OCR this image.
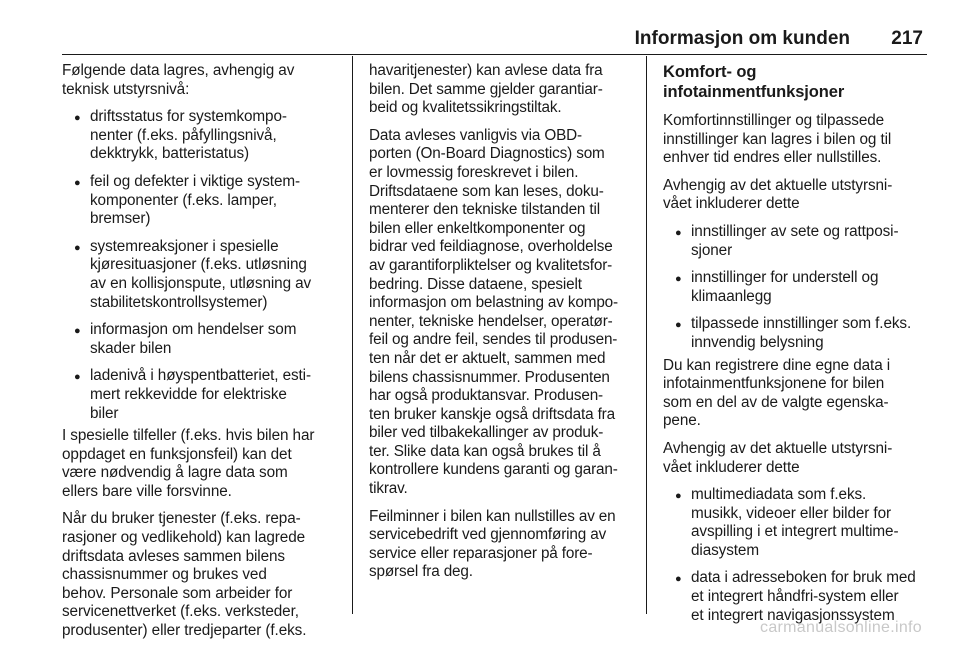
Informasjon om kunden 217

Følgende data lagres, avhengig av
teknisk utstyrsnivå:

● driftsstatus for systemkompo-
nenter (f.eks. påfyllingsnivå,
dekktrykk, batteristatus)
● feil og defekter i viktige system-
komponenter (f.eks. lamper,
bremser)
● systemreaksjoner i spesielle
kjøresituasjoner (f.eks. utløsning
av en kollisjonspute, utløsning av
stabilitetskontrollsystemer)
● informasjon om hendelser som
skader bilen
● ladenivå i høyspentbatteriet, esti-
mert rekkevidde for elektriske
biler

I spesielle tilfeller (f.eks. hvis bilen har
oppdaget en funksjonsfeil) kan det
være nødvendig å lagre data som
ellers bare ville forsvinne.

Når du bruker tjenester (f.eks. repa-
rasjoner og vedlikehold) kan lagrede
driftsdata avleses sammen bilens
chassisnummer og brukes ved
behov. Personale som arbeider for
servicenettverket (f.eks. verksteder,
produsenter) eller tredjeparter (f.eks.

havaritjenester) kan avlese data fra
bilen. Det samme gjelder garantiar-
beid og kvalitetssikringstiltak.

Data avleses vanligvis via OBD-
porten (On-Board Diagnostics) som
er lovmessig foreskrevet i bilen.
Driftsdataene som kan leses, doku-
menterer den tekniske tilstanden til
bilen eller enkeltkomponenter og
bidrar ved feildiagnose, overholdelse
av garantiforpliktelser og kvalitetsfor-
bedring. Disse dataene, spesielt
informasjon om belastning av kompo-
nenter, tekniske hendelser, operatør-
feil og andre feil, sendes til produsen-
ten når det er aktuelt, sammen med
bilens chassisnummer. Produsenten
har også produktansvar. Produsen-
ten bruker kanskje også driftsdata fra
biler ved tilbakekallinger av produk-
ter. Slike data kan også brukes til å
kontrollere kundens garanti og garan-
tikrav.

Feilminner i bilen kan nullstilles av en
servicebedrift ved gjennomføring av
service eller reparasjoner på fore-
spørsel fra deg.

Komfort- og
infotainmentfunksjoner

Komfortinnstillinger og tilpassede
innstillinger kan lagres i bilen og til
enhver tid endres eller nullstilles.

Avhengig av det aktuelle utstyrsni-
vået inkluderer dette

● innstillinger av sete og rattposi-
sjoner
● innstillinger for understell og
klimaanlegg
● tilpassede innstillinger som f.eks.
innvendig belysning

Du kan registrere dine egne data i
infotainmentfunksjonene for bilen
som en del av de valgte egenska-
pene.

Avhengig av det aktuelle utstyrsni-
vået inkluderer dette

● multimediadata som f.eks.
musikk, videoer eller bilder for
avspilling i et integrert multime-
diasystem
● data i adresseboken for bruk med
et integrert håndfri-system eller
et integrert navigasjonssystem
carmanualsonline.info
